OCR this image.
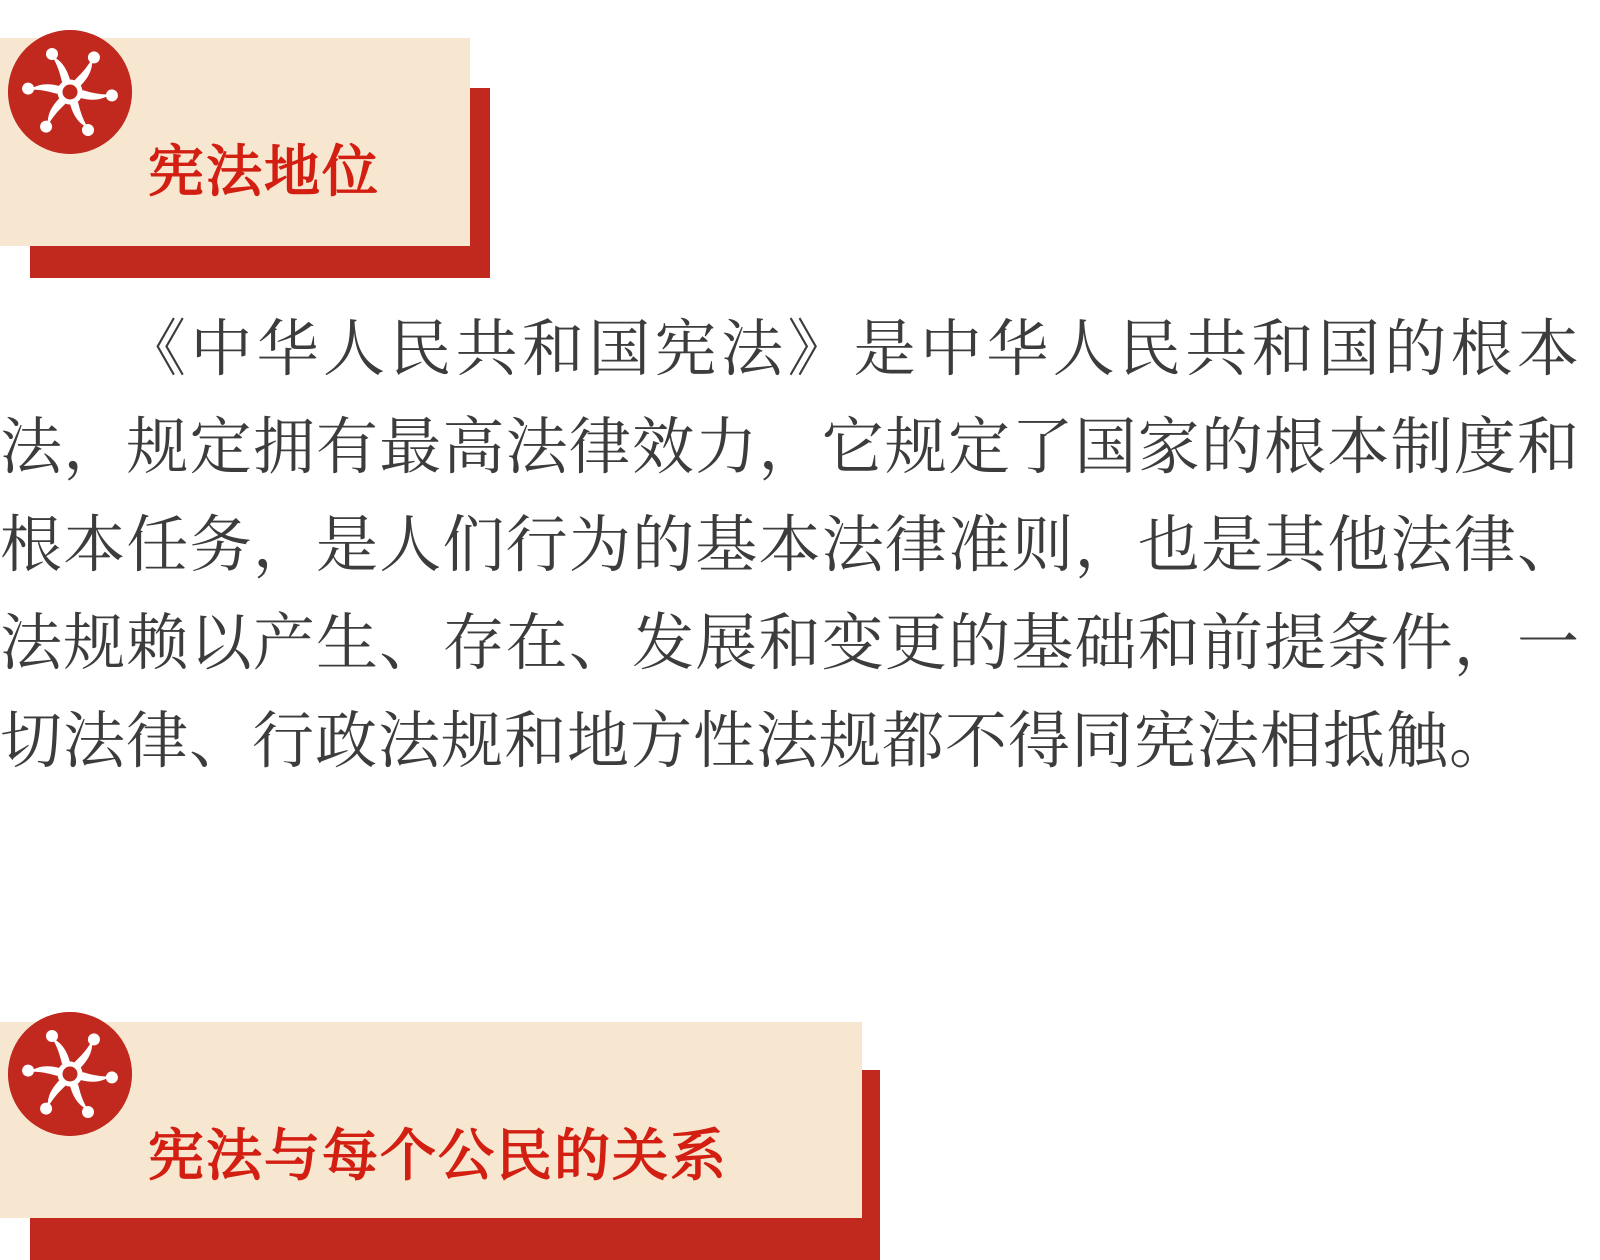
宪法地位
《中华人民共和国宪法》是中华人民共和国的根本法，规定拥有最高法律效力，它规定了国家的根本制度和根本任务，是人们行为的基本法律准则，也是其他法律、法规赖以产生、存在、发展和变更的基础和前提条件，一切法律、行政法规和地方性法规都不得同宪法相抵触。
宪法与每个公民的关系
